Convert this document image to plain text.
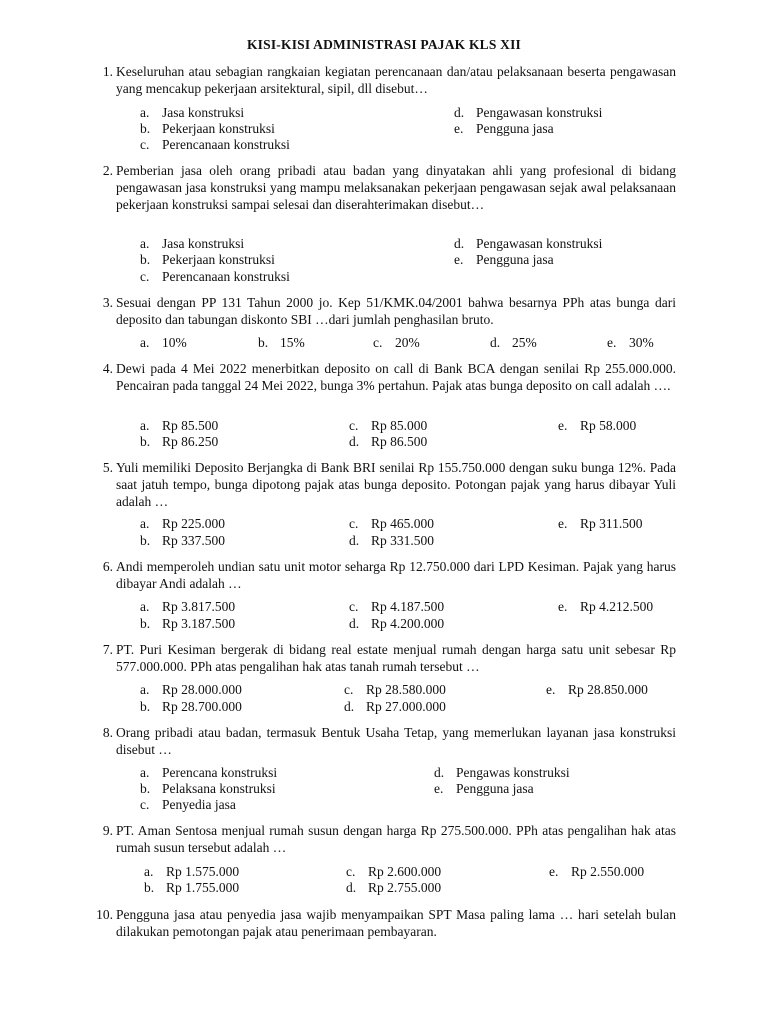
KISI-KISI ADMINISTRASI PAJAK KLS XII
1. Keseluruhan atau sebagian rangkaian kegiatan perencanaan dan/atau pelaksanaan beserta pengawasan yang mencakup pekerjaan arsitektural, sipil, dll disebut…
a. Jasa konstruksi
b. Pekerjaan konstruksi
c. Perencanaan konstruksi
d. Pengawasan konstruksi
e. Pengguna jasa
2. Pemberian jasa oleh orang pribadi atau badan yang dinyatakan ahli yang profesional di bidang pengawasan jasa konstruksi yang mampu melaksanakan pekerjaan pengawasan sejak awal pelaksanaan pekerjaan konstruksi sampai selesai dan diserahterimakan disebut…
a. Jasa konstruksi
b. Pekerjaan konstruksi
c. Perencanaan konstruksi
d. Pengawasan konstruksi
e. Pengguna jasa
3. Sesuai dengan PP 131 Tahun 2000 jo. Kep 51/KMK.04/2001 bahwa besarnya PPh atas bunga dari deposito dan tabungan diskonto SBI …dari jumlah penghasilan bruto.
a. 10%	b. 15%	c. 20%	d. 25%	e. 30%
4. Dewi pada 4 Mei 2022 menerbitkan deposito on call di Bank BCA dengan senilai Rp 255.000.000. Pencairan pada tanggal 24 Mei 2022, bunga 3% pertahun. Pajak atas bunga deposito on call adalah ….
a. Rp 85.500
b. Rp 86.250
c. Rp 85.000
d. Rp 86.500
e. Rp 58.000
5. Yuli memiliki Deposito Berjangka di Bank BRI senilai Rp 155.750.000 dengan suku bunga 12%. Pada saat jatuh tempo, bunga dipotong pajak atas bunga deposito. Potongan pajak yang harus dibayar Yuli adalah …
a. Rp 225.000
b. Rp 337.500
c. Rp 465.000
d. Rp 331.500
e. Rp 311.500
6. Andi memperoleh undian satu unit motor seharga Rp 12.750.000 dari LPD Kesiman. Pajak yang harus dibayar Andi adalah …
a. Rp 3.817.500
b. Rp 3.187.500
c. Rp 4.187.500
d. Rp 4.200.000
e. Rp 4.212.500
7. PT. Puri Kesiman bergerak di bidang real estate menjual rumah dengan harga satu unit sebesar Rp 577.000.000. PPh atas pengalihan hak atas tanah rumah tersebut …
a. Rp 28.000.000
b. Rp 28.700.000
c. Rp 28.580.000
d. Rp 27.000.000
e. Rp 28.850.000
8. Orang pribadi atau badan, termasuk Bentuk Usaha Tetap, yang memerlukan layanan jasa konstruksi disebut …
a. Perencana konstruksi
b. Pelaksana konstruksi
c. Penyedia jasa
d. Pengawas konstruksi
e. Pengguna jasa
9. PT. Aman Sentosa menjual rumah susun dengan harga Rp 275.500.000. PPh atas pengalihan hak atas rumah susun tersebut adalah …
a. Rp 1.575.000
b. Rp 1.755.000
c. Rp 2.600.000
d. Rp 2.755.000
e. Rp 2.550.000
10. Pengguna jasa atau penyedia jasa wajib menyampaikan SPT Masa paling lama … hari setelah bulan dilakukan pemotongan pajak atau penerimaan pembayaran.
